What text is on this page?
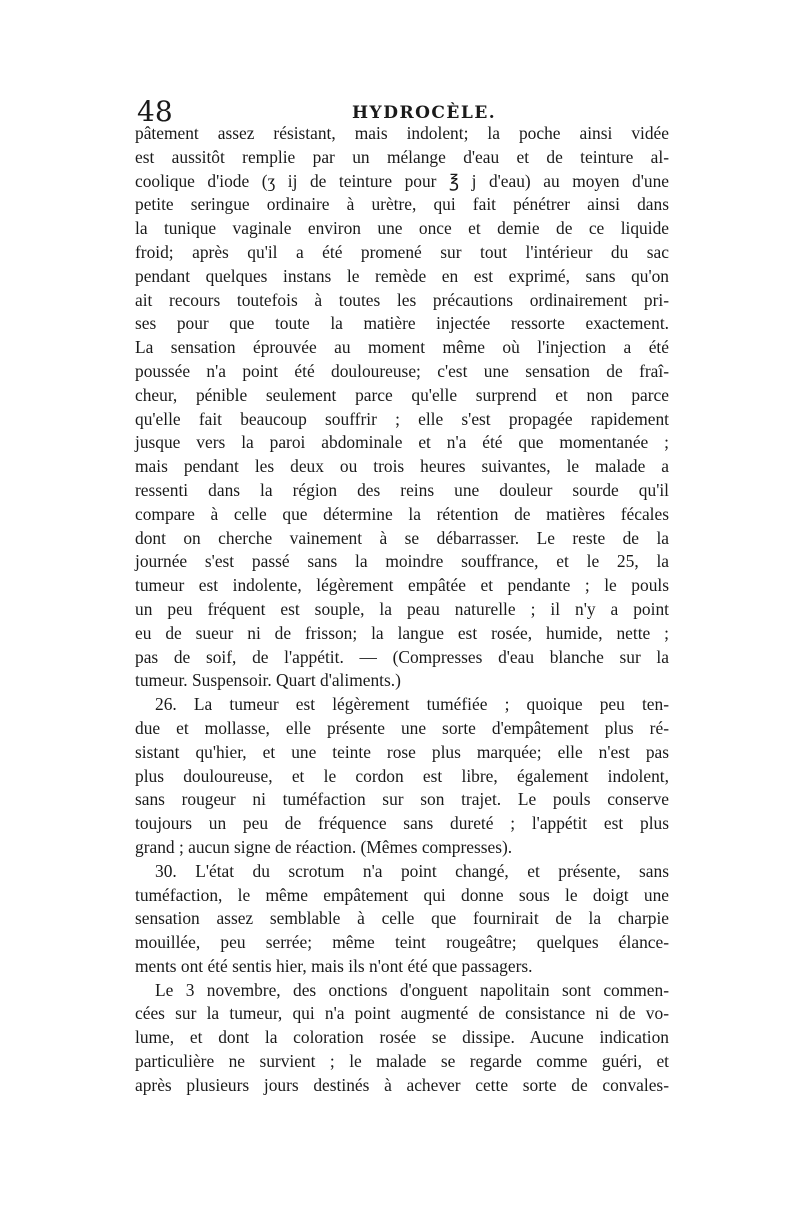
48	HYDROCÈLE.
pâtement assez résistant, mais indolent; la poche ainsi vidée
est aussitôt remplie par un mélange d'eau et de teinture al-
coolique d'iode (ʒ ij de teinture pour ℥ j d'eau) au moyen d'une
petite seringue ordinaire à urètre, qui fait pénétrer ainsi dans
la tunique vaginale environ une once et demie de ce liquide
froid; après qu'il a été promené sur tout l'intérieur du sac
pendant quelques instans le remède en est exprimé, sans qu'on
ait recours toutefois à toutes les précautions ordinairement pri-
ses pour que toute la matière injectée ressorte exactement.
La sensation éprouvée au moment même où l'injection a été
poussée n'a point été douloureuse; c'est une sensation de fraî-
cheur, pénible seulement parce qu'elle surprend et non parce
qu'elle fait beaucoup souffrir ; elle s'est propagée rapidement
jusque vers la paroi abdominale et n'a été que momentanée ;
mais pendant les deux ou trois heures suivantes, le malade a
ressenti dans la région des reins une douleur sourde qu'il
compare à celle que détermine la rétention de matières fécales
dont on cherche vainement à se débarrasser. Le reste de la
journée s'est passé sans la moindre souffrance, et le 25, la
tumeur est indolente, légèrement empâtée et pendante ; le pouls
un peu fréquent est souple, la peau naturelle ; il n'y a point
eu de sueur ni de frisson; la langue est rosée, humide, nette ;
pas de soif, de l'appétit. — (Compresses d'eau blanche sur la
tumeur. Suspensoir. Quart d'aliments.)
26. La tumeur est légèrement tuméfiée ; quoique peu ten-
due et mollasse, elle présente une sorte d'empâtement plus ré-
sistant qu'hier, et une teinte rose plus marquée; elle n'est pas
plus douloureuse, et le cordon est libre, également indolent,
sans rougeur ni tuméfaction sur son trajet. Le pouls conserve
toujours un peu de fréquence sans dureté ; l'appétit est plus
grand ; aucun signe de réaction. (Mêmes compresses).
30. L'état du scrotum n'a point changé, et présente, sans
tuméfaction, le même empâtement qui donne sous le doigt une
sensation assez semblable à celle que fournirait de la charpie
mouillée, peu serrée; même teint rougeâtre; quelques élance-
ments ont été sentis hier, mais ils n'ont été que passagers.
Le 3 novembre, des onctions d'onguent napolitain sont commen-
cées sur la tumeur, qui n'a point augmenté de consistance ni de vo-
lume, et dont la coloration rosée se dissipe. Aucune indication
particulière ne survient ; le malade se regarde comme guéri, et
après plusieurs jours destinés à achever cette sorte de convales-
